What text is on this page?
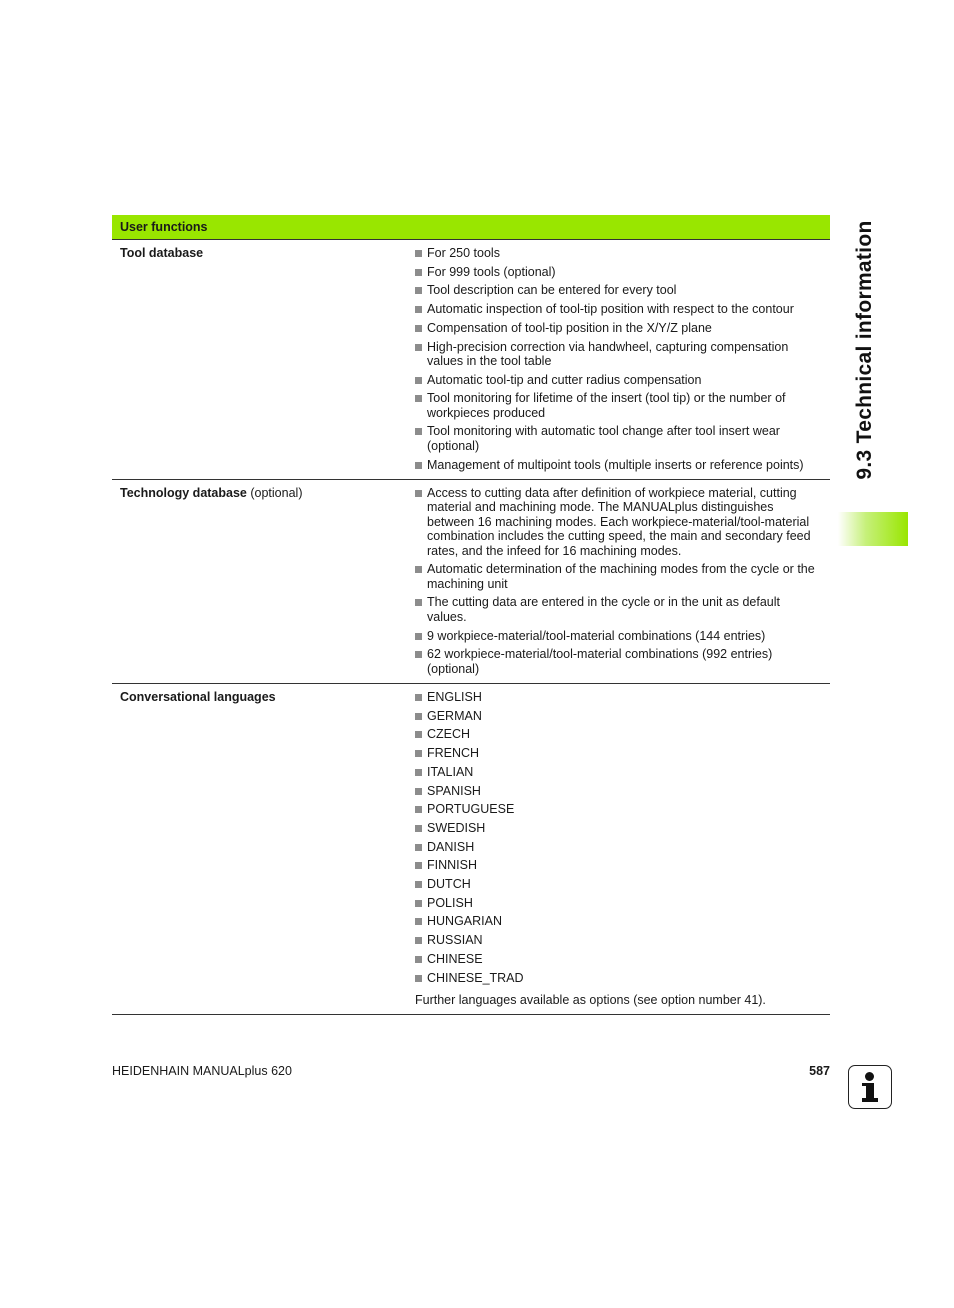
9.3 Technical information
User functions
Tool database	For 250 tools
For 999 tools (optional)
Tool description can be entered for every tool
Automatic inspection of tool-tip position with respect to the contour
Compensation of tool-tip position in the X/Y/Z plane
High-precision correction via handwheel, capturing compensation values in the tool table
Automatic tool-tip and cutter radius compensation
Tool monitoring for lifetime of the insert (tool tip) or the number of workpieces produced
Tool monitoring with automatic tool change after tool insert wear (optional)
Management of multipoint tools (multiple inserts or reference points)
Technology database (optional)	Access to cutting data after definition of workpiece material, cutting material and machining mode. The MANUALplus distinguishes between 16 machining modes. Each workpiece-material/tool-material combination includes the cutting speed, the main and secondary feed rates, and the infeed for 16 machining modes.
Automatic determination of the machining modes from the cycle or the machining unit
The cutting data are entered in the cycle or in the unit as default values.
9 workpiece-material/tool-material combinations (144 entries)
62 workpiece-material/tool-material combinations (992 entries) (optional)
Conversational languages	ENGLISH
GERMAN
CZECH
FRENCH
ITALIAN
SPANISH
PORTUGUESE
SWEDISH
DANISH
FINNISH
DUTCH
POLISH
HUNGARIAN
RUSSIAN
CHINESE
CHINESE_TRAD
Further languages available as options (see option number 41).
HEIDENHAIN MANUALplus 620	587
